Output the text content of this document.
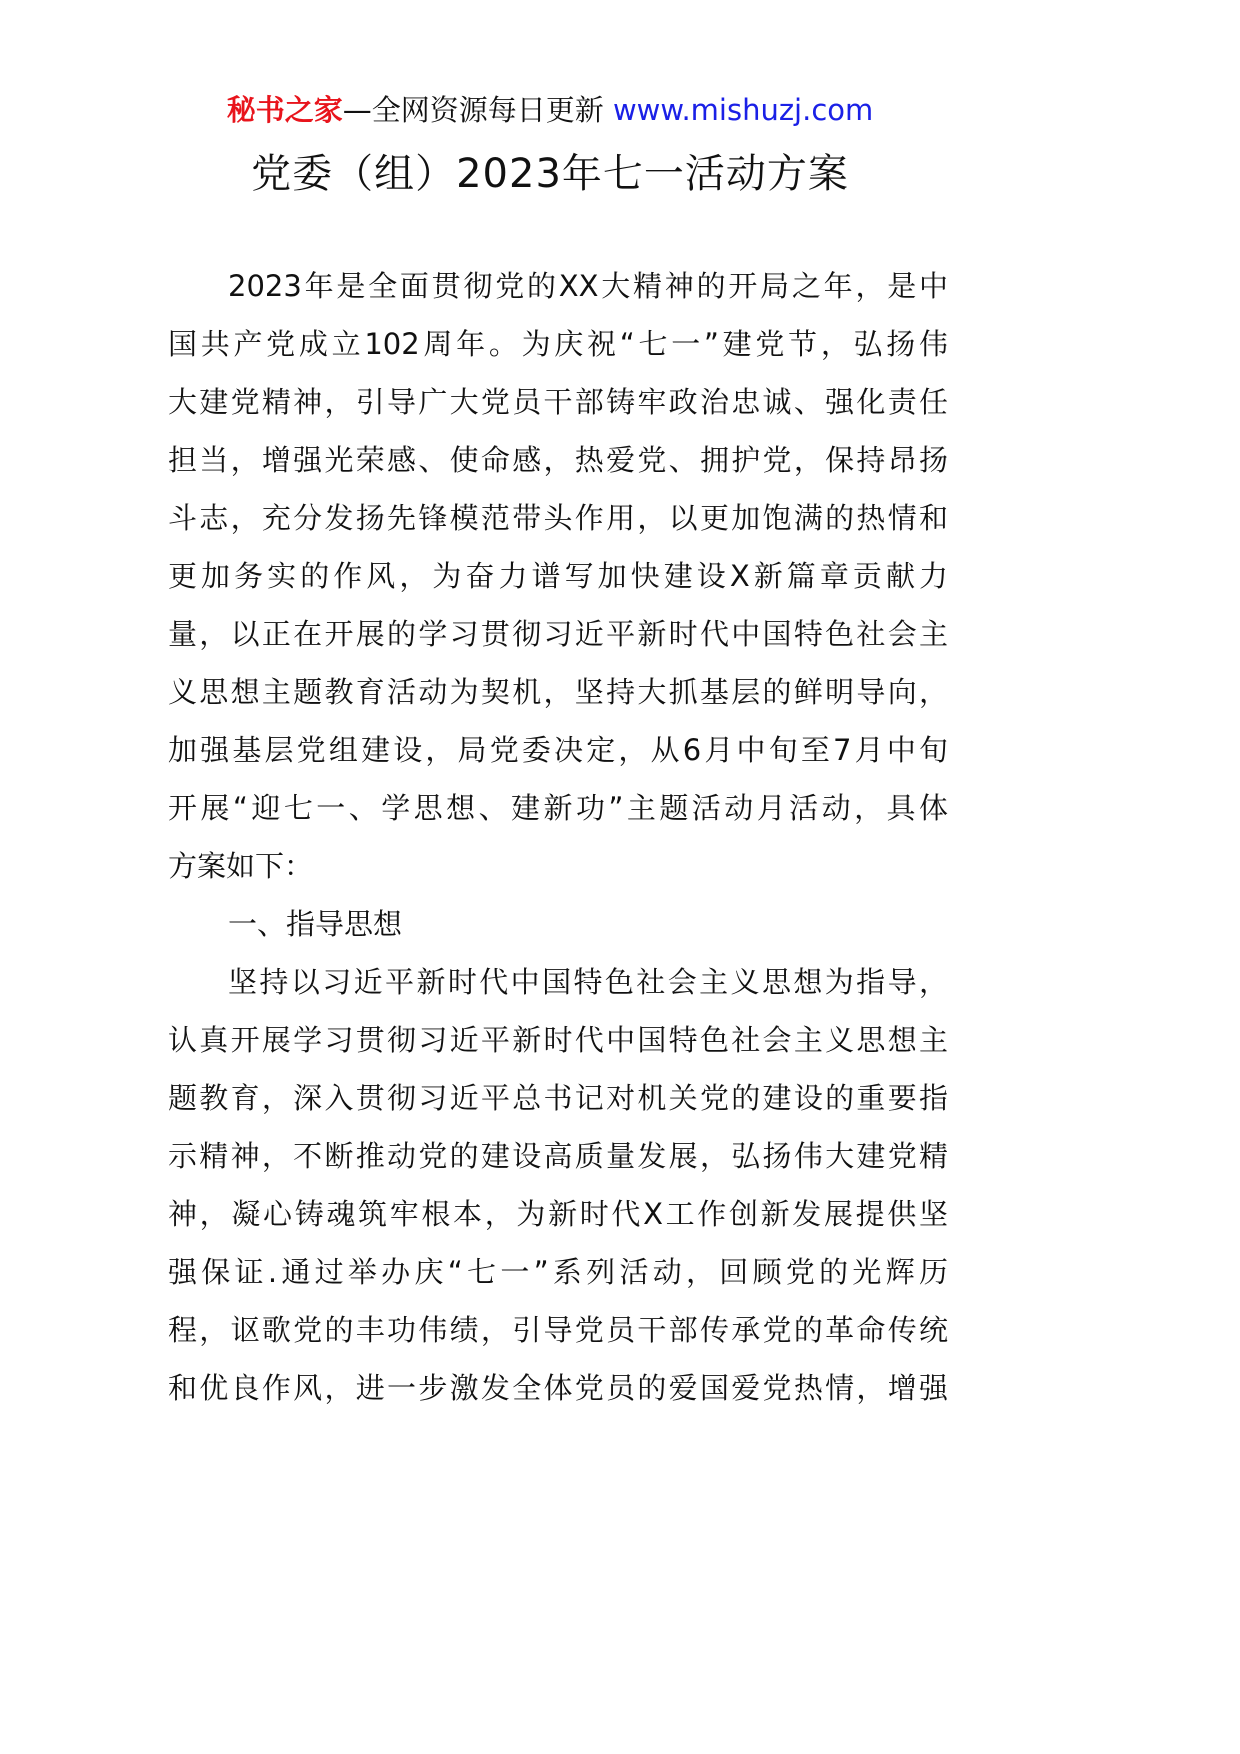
秘书之家—全网资源每日更新 www.mishuzj.com
党委（组）2023年七一活动方案
2023年是全面贯彻党的XX大精神的开局之年，是中
国共产党成立102周年。为庆祝“七一”建党节，弘扬伟
大建党精神，引导广大党员干部铸牢政治忠诚、强化责任
担当，增强光荣感、使命感，热爱党、拥护党，保持昂扬
斗志，充分发扬先锋模范带头作用，以更加饱满的热情和
更加务实的作风，为奋力谱写加快建设X新篇章贡献力
量，以正在开展的学习贯彻习近平新时代中国特色社会主
义思想主题教育活动为契机，坚持大抓基层的鲜明导向，
加强基层党组建设，局党委决定，从6月中旬至7月中旬
开展“迎七一、学思想、建新功”主题活动月活动，具体
方案如下：
一、指导思想
坚持以习近平新时代中国特色社会主义思想为指导，
认真开展学习贯彻习近平新时代中国特色社会主义思想主
题教育，深入贯彻习近平总书记对机关党的建设的重要指
示精神，不断推动党的建设高质量发展，弘扬伟大建党精
神，凝心铸魂筑牢根本，为新时代X工作创新发展提供坚
强保证.通过举办庆“七一”系列活动，回顾党的光辉历
程，讴歌党的丰功伟绩，引导党员干部传承党的革命传统
和优良作风，进一步激发全体党员的爱国爱党热情，增强
